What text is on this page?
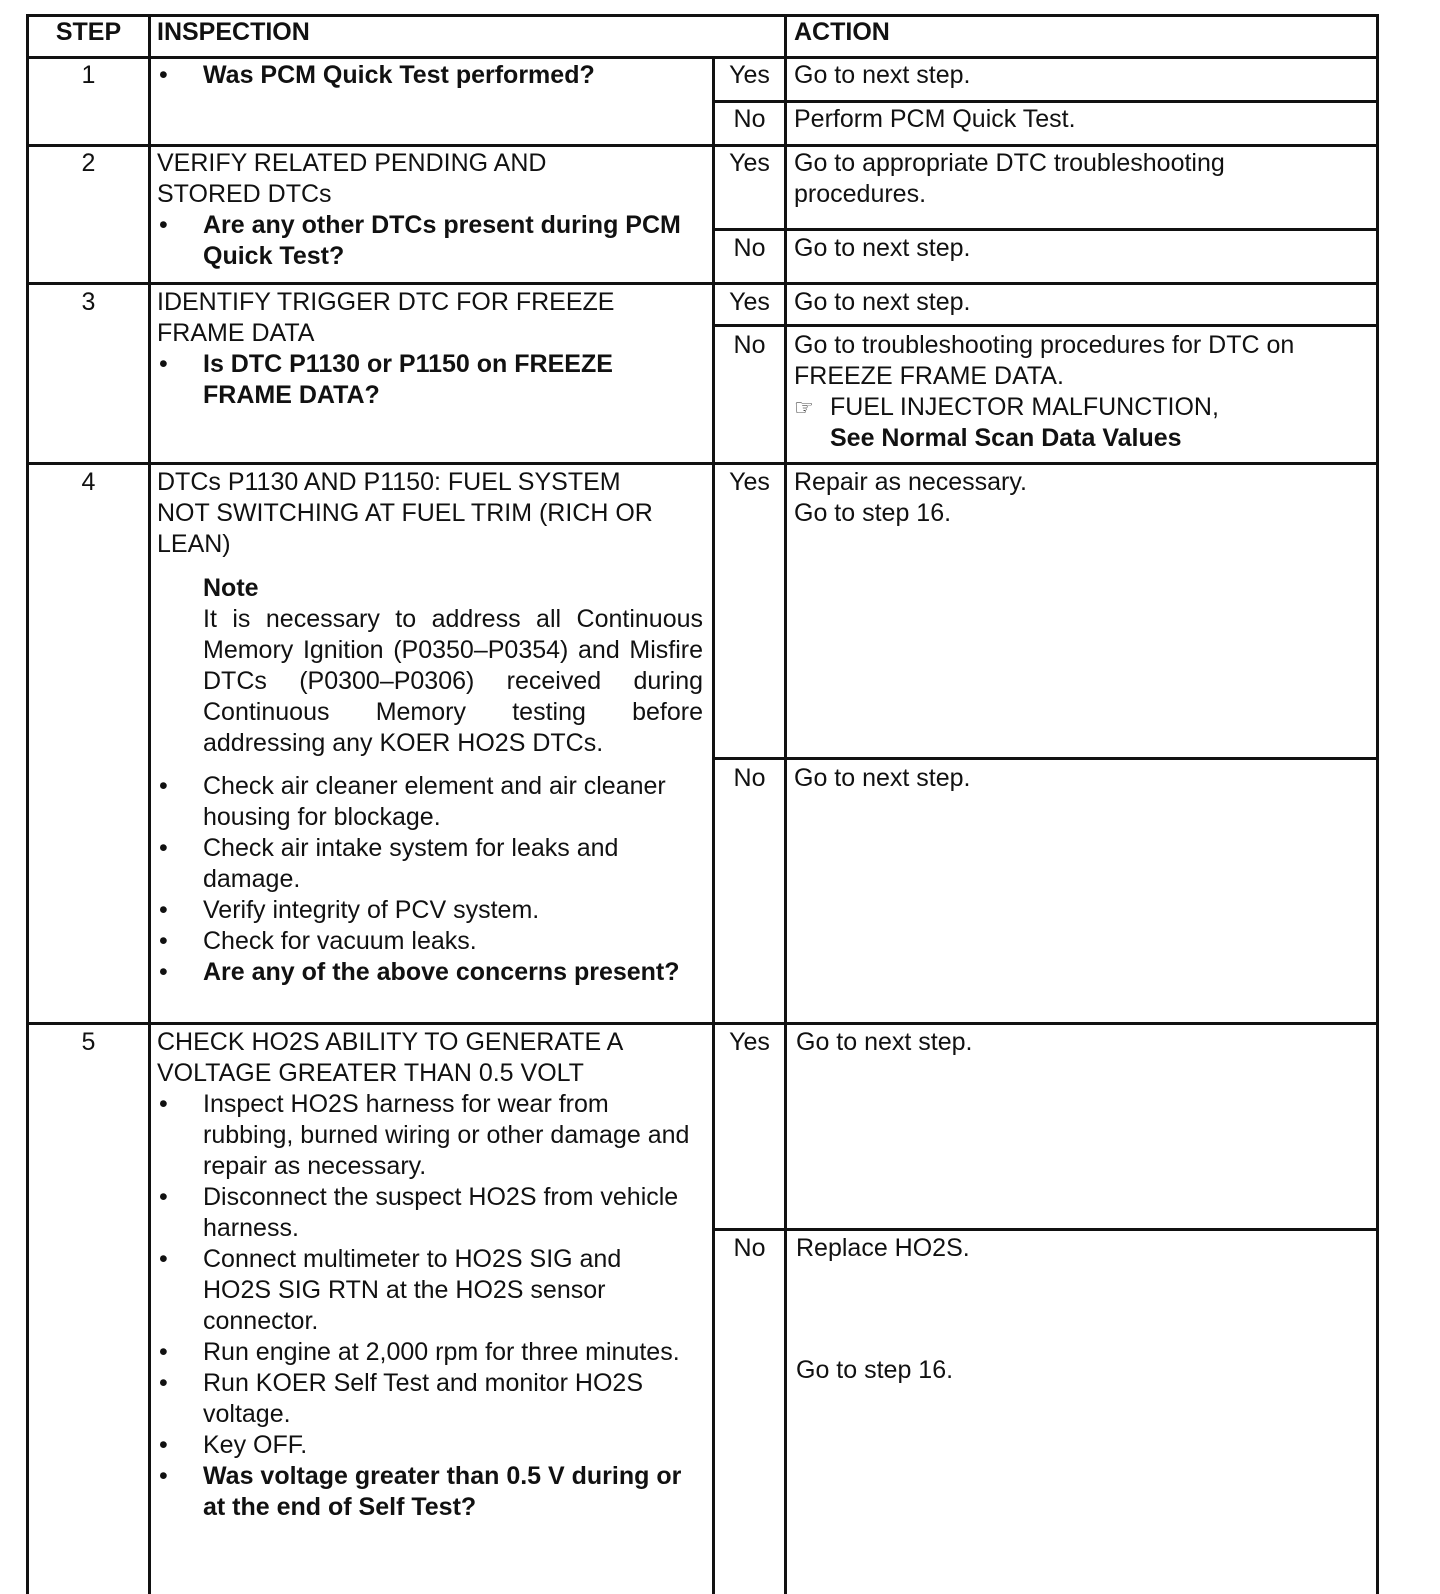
STEP	INSPECTION	ACTION
1
•	Was PCM Quick Test performed?	Yes Go to next step.
No	Perform PCM Quick Test.
2	VERIFY RELATED PENDING AND STORED DTCs
• Are any other DTCs present during PCM Quick Test?
Yes Go to appropriate DTC troubleshooting procedures.
No	Go to next step.
3	IDENTIFY TRIGGER DTC FOR FREEZE FRAME DATA
• Is DTC P1130 or P1150 on FREEZE FRAME DATA?
Yes Go to next step.
No	Go to troubleshooting procedures for DTC on FREEZE FRAME DATA.
☞ FUEL INJECTOR MALFUNCTION,
See Normal Scan Data Values
4	DTCs P1130 AND P1150: FUEL SYSTEM NOT SWITCHING AT FUEL TRIM (RICH OR LEAN)
Note
It is necessary to address all Continuous Memory Ignition (P0350–P0354) and Misfire DTCs (P0300–P0306) received during Continuous Memory testing before addressing any KOER HO2S DTCs.
• Check air cleaner element and air cleaner housing for blockage.
• Check air intake system for leaks and damage.
• Verify integrity of PCV system.
• Check for vacuum leaks.
• Are any of the above concerns present?
Yes Repair as necessary.
Go to step 16.
No	Go to next step.
5	CHECK HO2S ABILITY TO GENERATE A VOLTAGE GREATER THAN 0.5 VOLT
• Inspect HO2S harness for wear from rubbing, burned wiring or other damage and repair as necessary.
• Disconnect the suspect HO2S from vehicle harness.
• Connect multimeter to HO2S SIG and HO2S SIG RTN at the HO2S sensor connector.
• Run engine at 2,000 rpm for three minutes.
• Run KOER Self Test and monitor HO2S voltage.
• Key OFF.
• Was voltage greater than 0.5 V during or at the end of Self Test?
Yes	Go to next step.
No	Replace HO2S.
Go to step 16.
